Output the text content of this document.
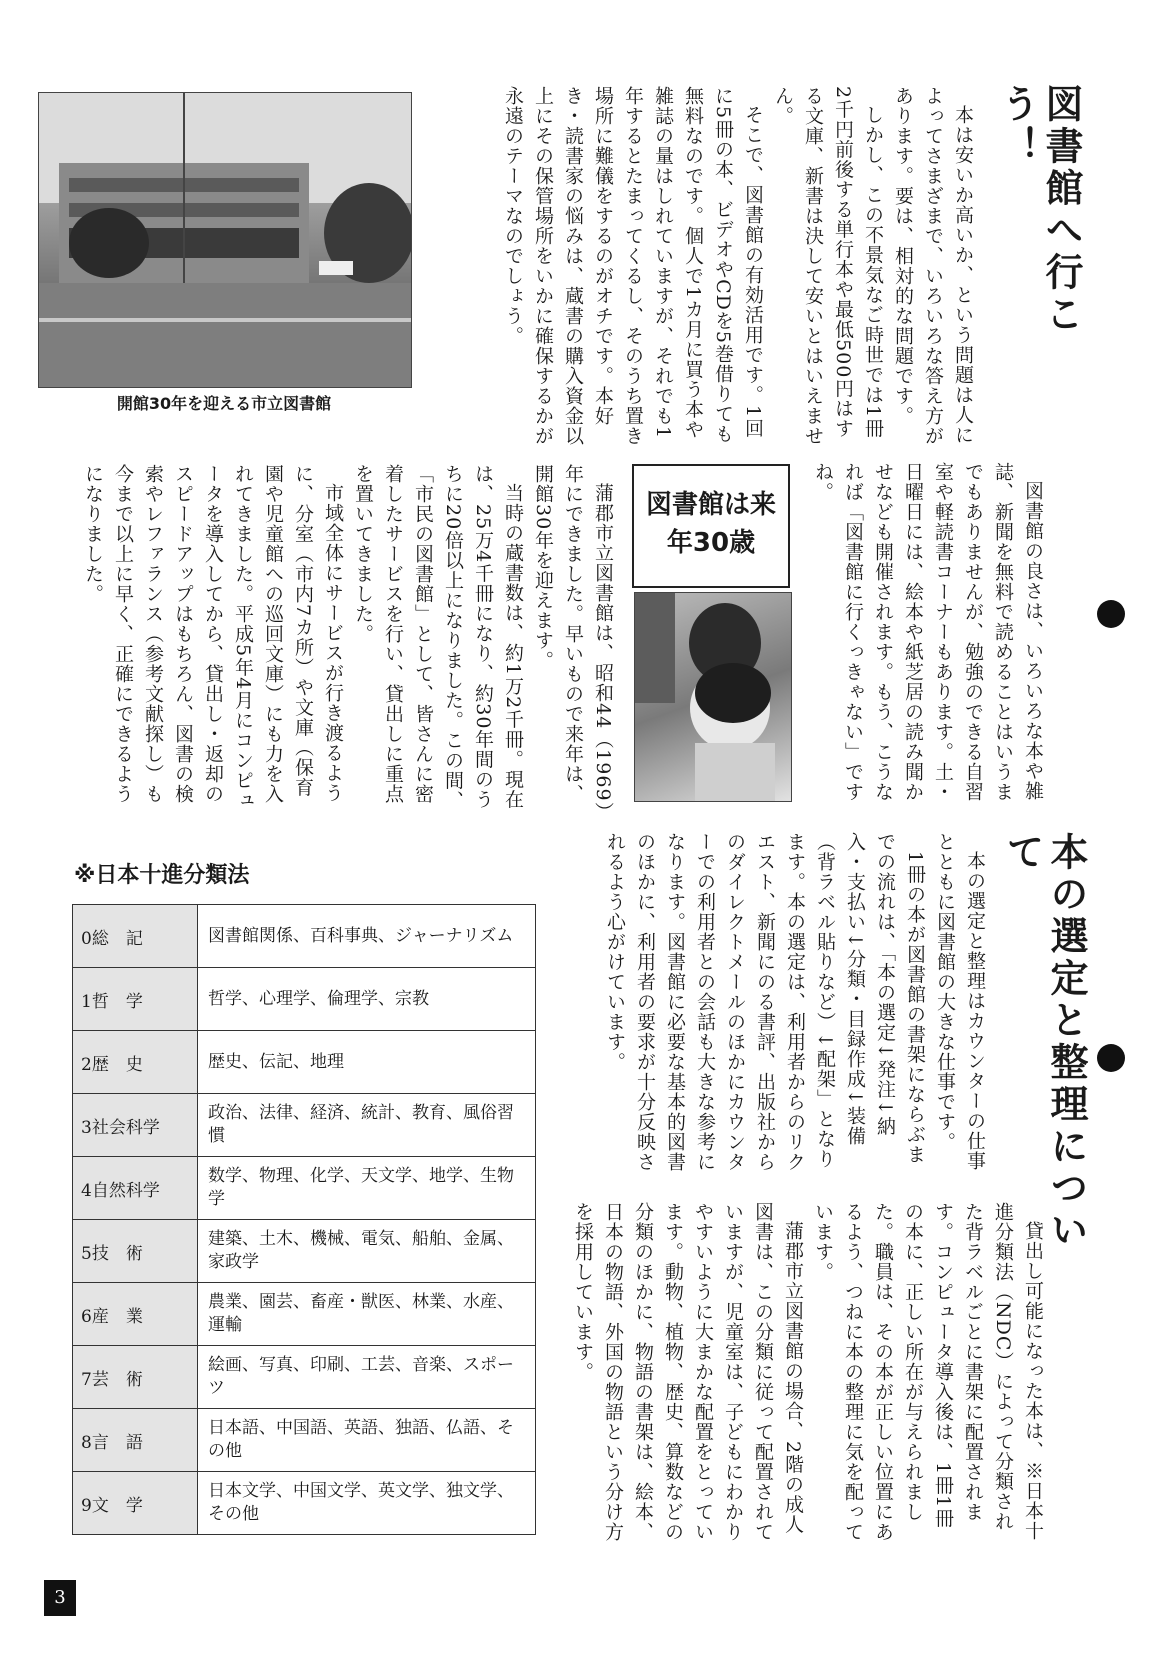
図書館へ行こう！

本は安いか高いか、という問題は人によってさまざまで、いろいろな答え方があります。要は、相対的な問題です。

しかし、この不景気なご時世では1冊2千円前後する単行本や最低500円はする文庫、新書は決して安いとはいえません。

そこで、図書館の有効活用です。1回に5冊の本、ビデオやCDを5巻借りても無料なのです。個人で1カ月に買う本や雑誌の量はしれていますが、それでも1年するとたまってくるし、そのうち置き場所に難儀をするのがオチです。本好き・読書家の悩みは、蔵書の購入資金以上にその保管場所をいかに確保するかが永遠のテーマなのでしょう。

開館30年を迎える市立図書館

図書館の良さは、いろいろな本や雑誌、新聞を無料で読めることはいうまでもありませんが、勉強のできる自習室や軽読書コーナーもあります。土・日曜日には、絵本や紙芝居の読み聞かせなども開催されます。もう、こうなれば「図書館に行くっきゃない」ですね。

図書館は来年30歳

蒲郡市立図書館は、昭和44（1969）年にできました。早いもので来年は、開館30年を迎えます。

当時の蔵書数は、約1万2千冊。現在は、25万4千冊になり、約30年間のうちに20倍以上になりました。この間、「市民の図書館」として、皆さんに密着したサービスを行い、貸出しに重点を置いてきました。

市域全体にサービスが行き渡るように、分室（市内7カ所）や文庫（保育園や児童館への巡回文庫）にも力を入れてきました。平成5年4月にコンピュータを導入してから、貸出し・返却のスピードアップはもちろん、図書の検索やレファランス（参考文献探し）も今まで以上に早く、正確にできるようになりました。

本の選定と整理について

本の選定と整理はカウンターの仕事とともに図書館の大きな仕事です。

1冊の本が図書館の書架にならぶまでの流れは、「本の選定↓発注↓納入・支払い↓分類・目録作成↓装備（背ラベル貼りなど）↓配架」となります。本の選定は、利用者からのリクエスト、新聞にのる書評、出版社からのダイレクトメールのほかにカウンターでの利用者との会話も大きな参考になります。図書館に必要な基本的図書のほかに、利用者の要求が十分反映されるよう心がけています。

貸出し可能になった本は、※日本十進分類法（NDC）によって分類された背ラベルごとに書架に配置されます。コンピュータ導入後は、1冊1冊の本に、正しい所在が与えられました。職員は、その本が正しい位置にあるよう、つねに本の整理に気を配っています。

蒲郡市立図書館の場合、2階の成人図書は、この分類に従って配置されていますが、児童室は、子どもにわかりやすいように大まかな配置をとっています。動物、植物、歴史、算数などの分類のほかに、物語の書架は、絵本、日本の物語、外国の物語という分け方を採用しています。

※日本十進分類法
0総　記	図書館関係、百科事典、ジャーナリズム
1哲　学	哲学、心理学、倫理学、宗教
2歴　史	歴史、伝記、地理
3社会科学	政治、法律、経済、統計、教育、風俗習慣
4自然科学	数学、物理、化学、天文学、地学、生物学
5技　術	建築、土木、機械、電気、船舶、金属、家政学
6産　業	農業、園芸、畜産・獣医、林業、水産、運輸
7芸　術	絵画、写真、印刷、工芸、音楽、スポーツ
8言　語	日本語、中国語、英語、独語、仏語、その他
9文　学	日本文学、中国文学、英文学、独文学、その他
3
